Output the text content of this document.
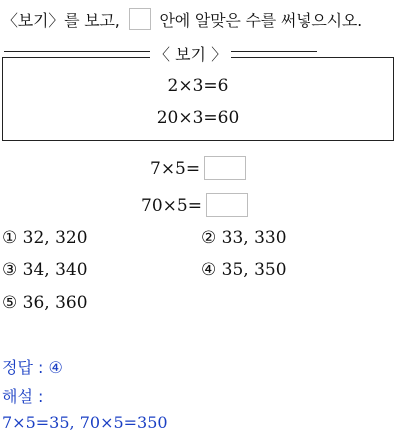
〈보기〉를 보고, 안에 알맞은 수를 써넣으시오.
〈 보기 〉
2×3=6
20×3=60
7×5=
70×5=
① 32, 320	② 33, 330
③ 34, 340	④ 35, 350
⑤ 36, 360
정답 : ④
해설 :
7×5=35, 70×5=350
